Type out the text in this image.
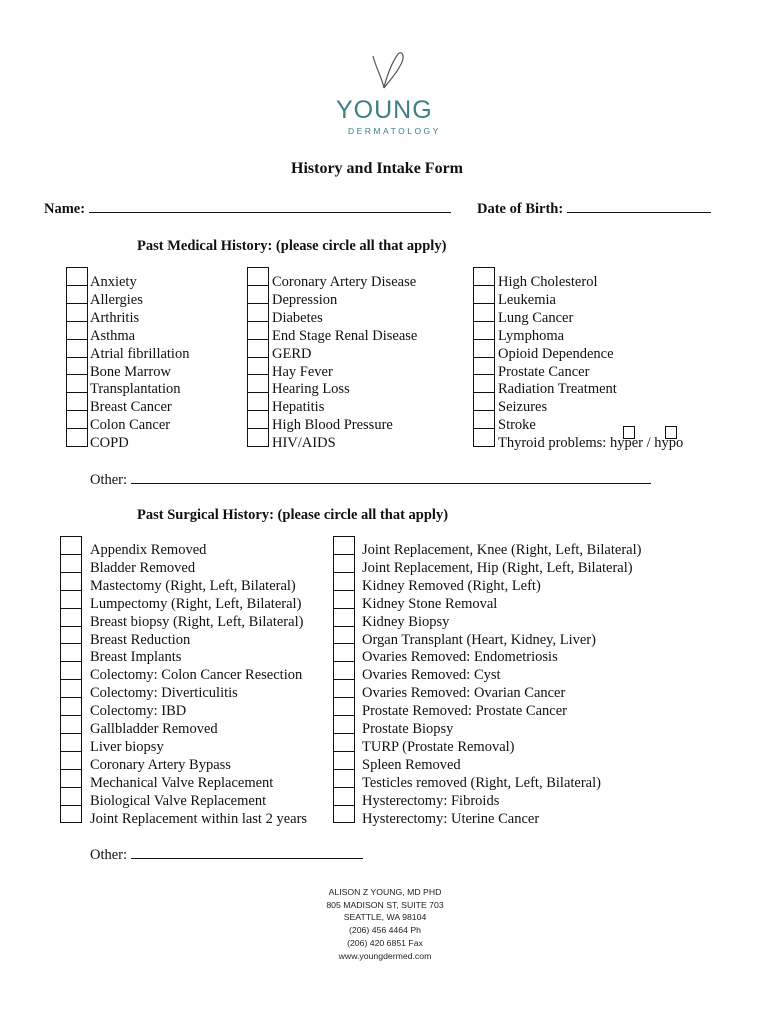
YOUNG
DERMATOLOGY
History and Intake Form
Name:	Date of Birth:
Past Medical History: (please circle all that apply)
Anxiety
Allergies
Arthritis
Asthma
Atrial fibrillation
Bone Marrow
Transplantation
Breast Cancer
Colon Cancer
COPD
Coronary Artery Disease
Depression
Diabetes
End Stage Renal Disease
GERD
Hay Fever
Hearing Loss
Hepatitis
High Blood Pressure
HIV/AIDS
High Cholesterol
Leukemia
Lung Cancer
Lymphoma
Opioid Dependence
Prostate Cancer
Radiation Treatment
Seizures
Stroke
Thyroid problems: hyper / hypo
Other:
Past Surgical History: (please circle all that apply)
Appendix Removed
Bladder Removed
Mastectomy (Right, Left, Bilateral)
Lumpectomy (Right, Left, Bilateral)
Breast biopsy (Right, Left, Bilateral)
Breast Reduction
Breast Implants
Colectomy: Colon Cancer Resection
Colectomy: Diverticulitis
Colectomy: IBD
Gallbladder Removed
Liver biopsy
Coronary Artery Bypass
Mechanical Valve Replacement
Biological Valve Replacement
Joint Replacement within last 2 years
Joint Replacement, Knee (Right, Left, Bilateral)
Joint Replacement, Hip (Right, Left, Bilateral)
Kidney Removed (Right, Left)
Kidney Stone Removal
Kidney Biopsy
Organ Transplant (Heart, Kidney, Liver)
Ovaries Removed: Endometriosis
Ovaries Removed: Cyst
Ovaries Removed: Ovarian Cancer
Prostate Removed: Prostate Cancer
Prostate Biopsy
TURP (Prostate Removal)
Spleen Removed
Testicles removed (Right, Left, Bilateral)
Hysterectomy: Fibroids
Hysterectomy: Uterine Cancer
Other:
ALISON Z YOUNG, MD PHD
805 MADISON ST, SUITE 703
SEATTLE, WA 98104
(206) 456 4464 Ph
(206) 420 6851 Fax
www.youngdermed.com
